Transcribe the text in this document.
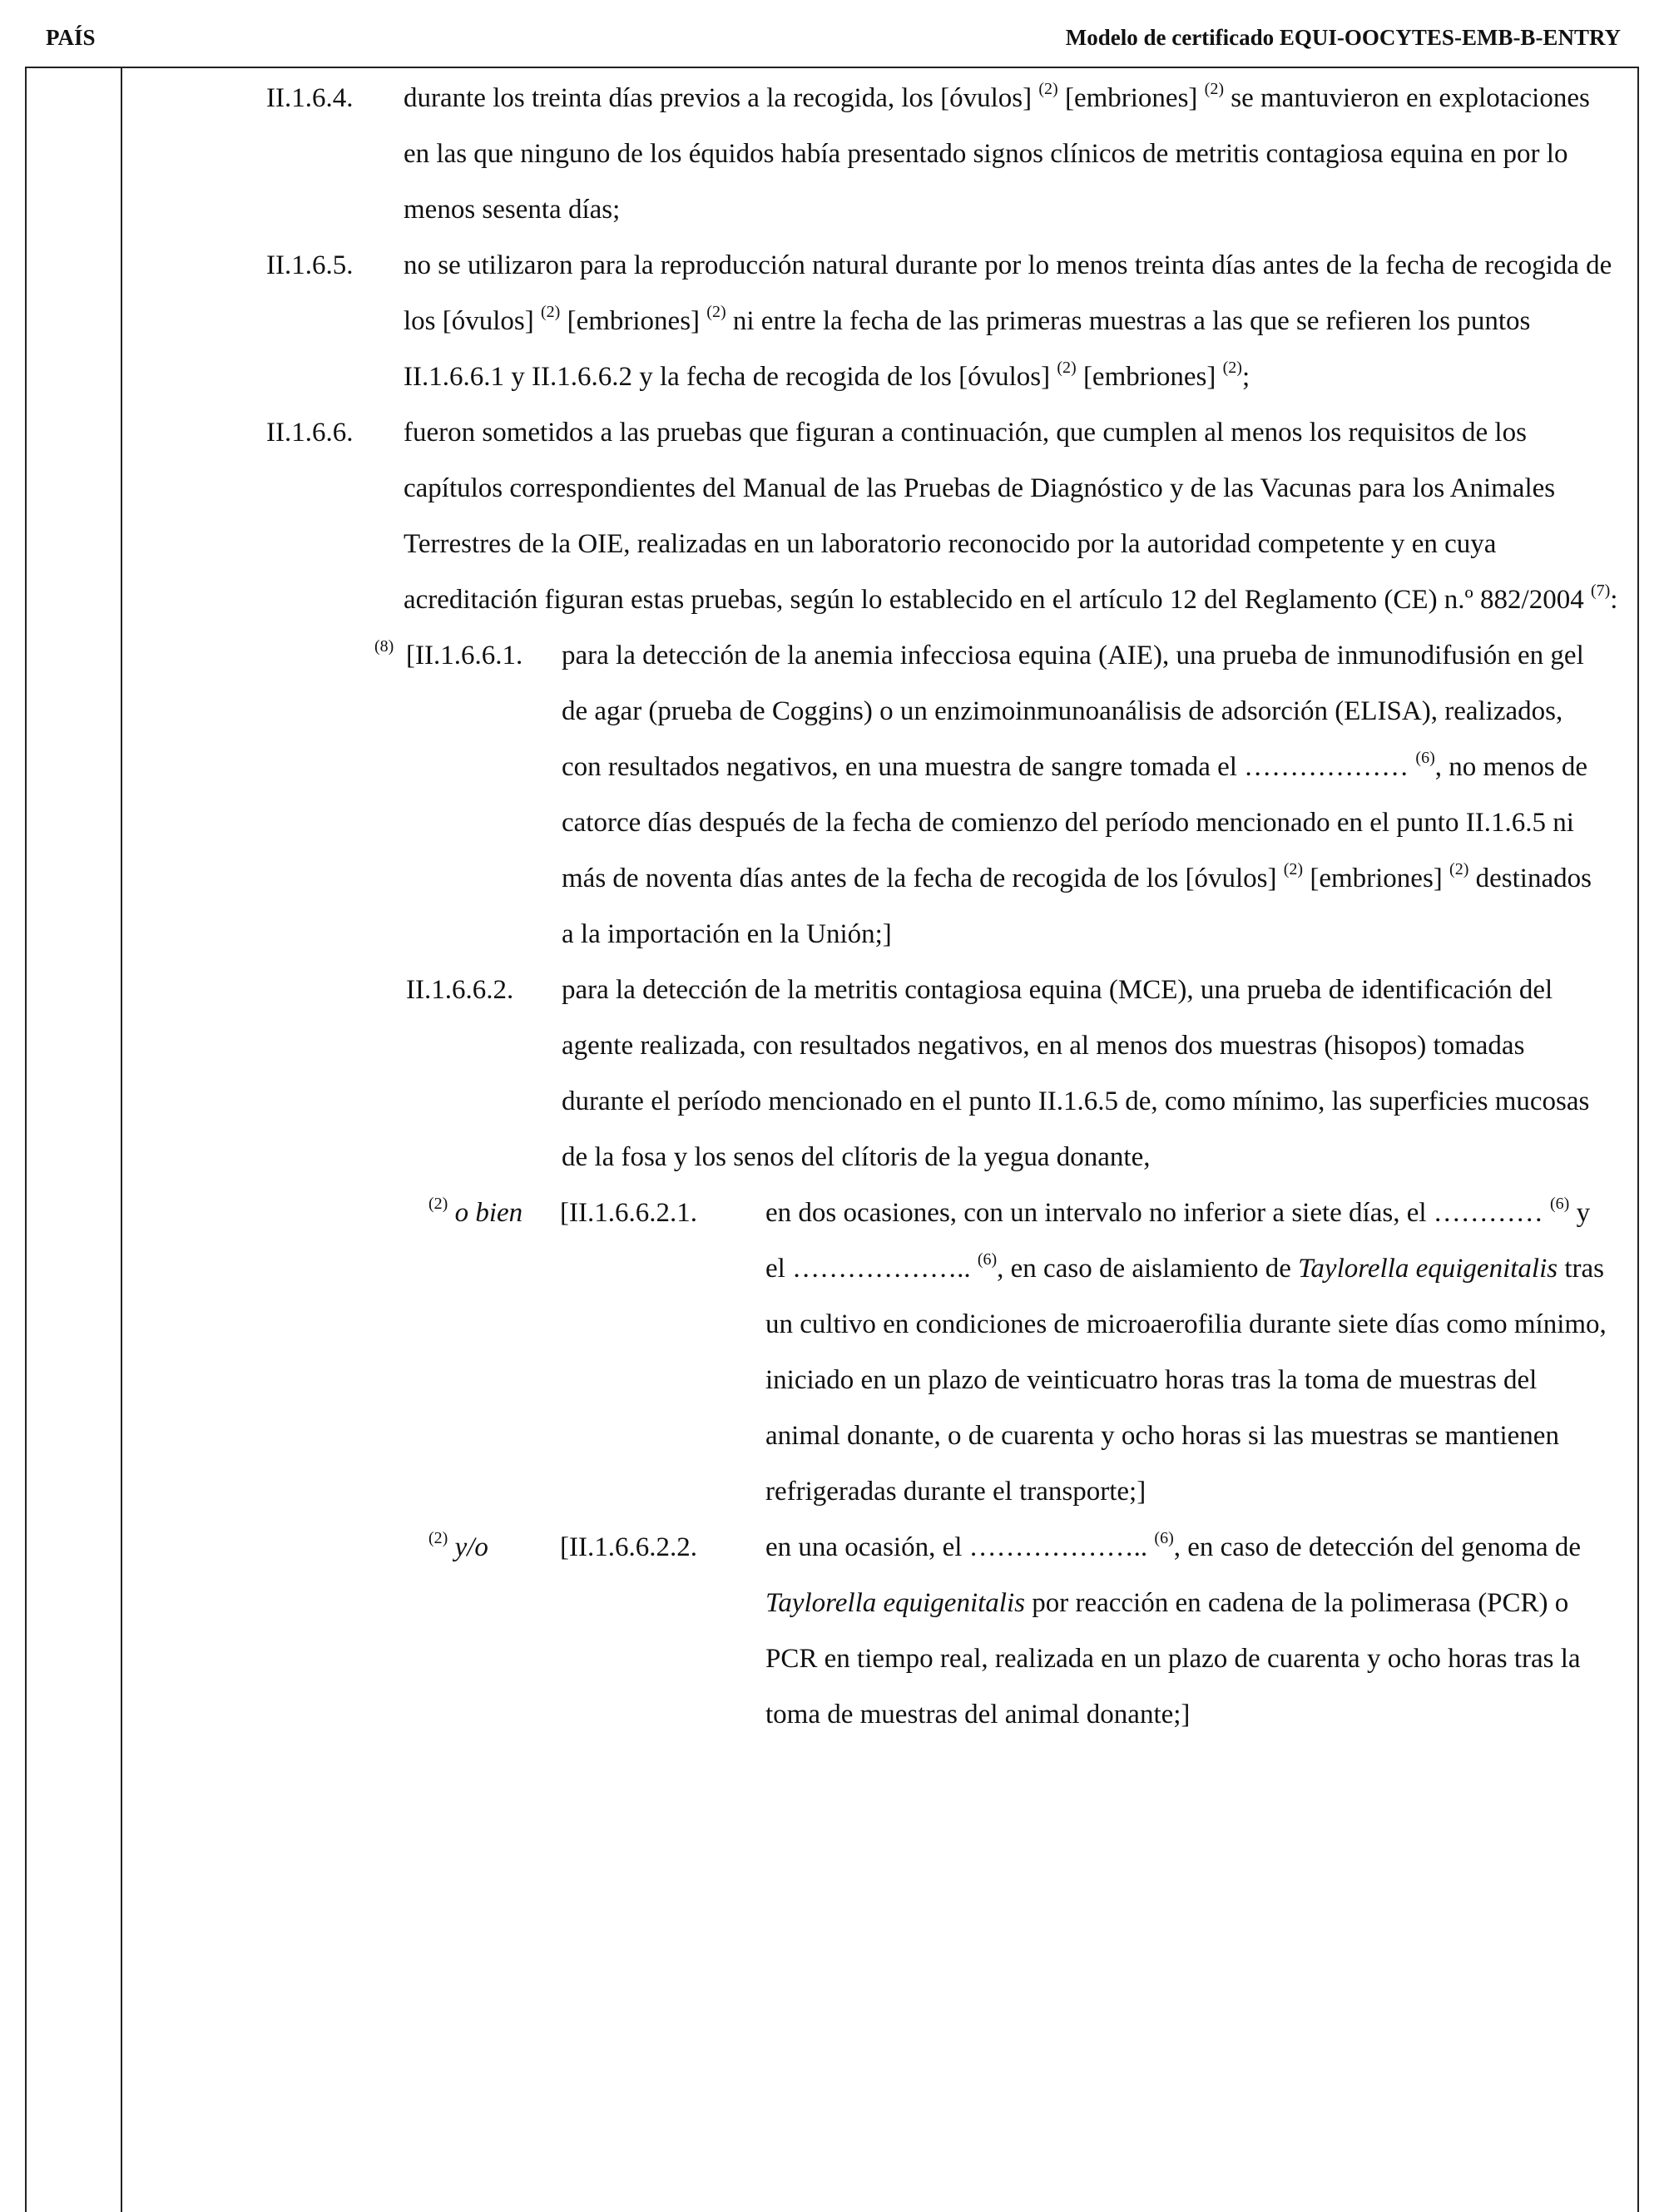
PAÍS	Modelo de certificado EQUI-OOCYTES-EMB-B-ENTRY
II.1.6.4. durante los treinta días previos a la recogida, los [óvulos] $^{(2)}$ [embriones] $^{(2)}$ se mantuvieron en explotaciones en las que ninguno de los équidos había presentado signos clínicos de metritis contagiosa equina en por lo menos sesenta días;
II.1.6.5. no se utilizaron para la reproducción natural durante por lo menos treinta días antes de la fecha de recogida de los [óvulos] $^{(2)}$ [embriones] $^{(2)}$ ni entre la fecha de las primeras muestras a las que se refieren los puntos II.1.6.6.1 y II.1.6.6.2 y la fecha de recogida de los [óvulos] $^{(2)}$ [embriones] $^{(2)}$;
II.1.6.6. fueron sometidos a las pruebas que figuran a continuación, que cumplen al menos los requisitos de los capítulos correspondientes del Manual de las Pruebas de Diagnóstico y de las Vacunas para los Animales Terrestres de la OIE, realizadas en un laboratorio reconocido por la autoridad competente y en cuya acreditación figuran estas pruebas, según lo establecido en el artículo 12 del Reglamento (CE) n.º 882/2004 $^{(7)}$:
$^{(8)}$ [II.1.6.6.1. para la detección de la anemia infecciosa equina (AIE), una prueba de inmunodifusión en gel de agar (prueba de Coggins) o un enzimoinmunoanálisis de adsorción (ELISA), realizados, con resultados negativos, en una muestra de sangre tomada el ……………… $^{(6)}$, no menos de catorce días después de la fecha de comienzo del período mencionado en el punto II.1.6.5 ni más de noventa días antes de la fecha de recogida de los [óvulos] $^{(2)}$ [embriones] $^{(2)}$ destinados a la importación en la Unión;]
II.1.6.6.2. para la detección de la metritis contagiosa equina (MCE), una prueba de identificación del agente realizada, con resultados negativos, en al menos dos muestras (hisopos) tomadas durante el período mencionado en el punto II.1.6.5 de, como mínimo, las superficies mucosas de la fosa y los senos del clítoris de la yegua donante,
$^{(2)}$ o bien [II.1.6.6.2.1. en dos ocasiones, con un intervalo no inferior a siete días, el ………… $^{(6)}$ y el ……………….. $^{(6)}$, en caso de aislamiento de Taylorella equigenitalis tras un cultivo en condiciones de microaerofilia durante siete días como mínimo, iniciado en un plazo de veinticuatro horas tras la toma de muestras del animal donante, o de cuarenta y ocho horas si las muestras se mantienen refrigeradas durante el transporte;]
$^{(2)}$ y/o	[II.1.6.6.2.2. en una ocasión, el ……………….. $^{(6)}$, en caso de detección del genoma de Taylorella equigenitalis por reacción en cadena de la polimerasa (PCR) o PCR en tiempo real, realizada en un plazo de cuarenta y ocho horas tras la toma de muestras del animal donante;]
